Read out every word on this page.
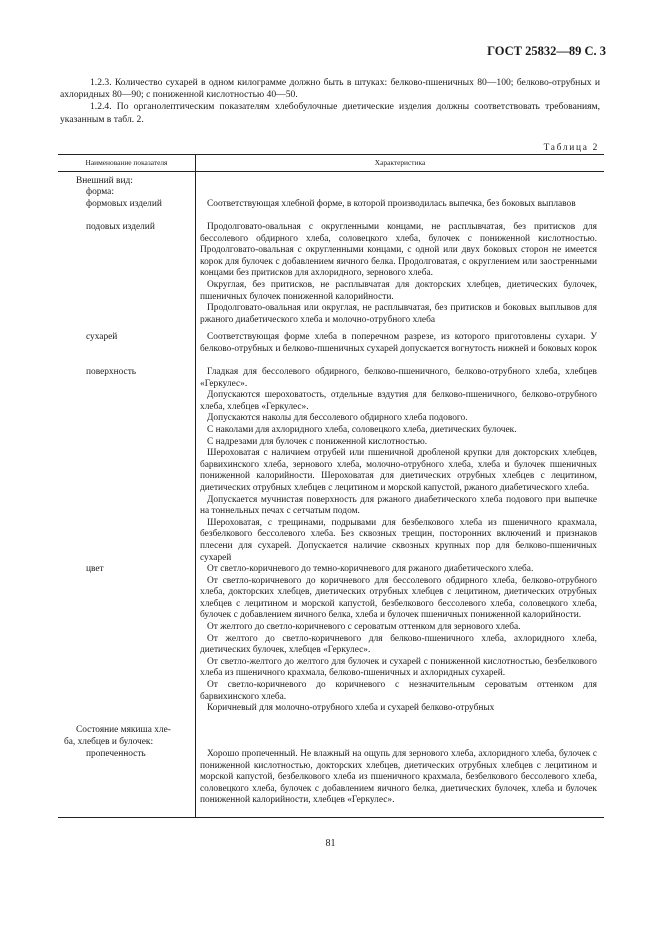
ГОСТ 25832—89 С. 3

1.2.3. Количество сухарей в одном килограмме должно быть в штуках: белково-пшеничных 80—100; белково-отрубных и ахлоридных 80—90; с пониженной кислотностью 40—50.

1.2.4. По органолептическим показателям хлебобулочные диетические изделия должны соответствовать требованиям, указанным в табл. 2.

Таблица 2
Наименование показателя	Характеристика
Внешний вид:
форма:
формовых изделий
подовых изделий
сухарей
поверхность
цвет
Состояние мякиша хле-
ба, хлебцев и булочек:
пропеченность

Соответствующая хлебной форме, в которой производилась выпечка, без боковых выплавов

Продолговато-овальная с округленными концами, не расплывчатая, без притисков для бессолевого обдирного хлеба, соловецкого хлеба, булочек с пониженной кислотностью. Продолговато-овальная с округленными концами, с одной или двух боковых сторон не имеется корок для булочек с добавлением яичного белка. Продолговатая, с округлением или заостренными концами без притисков для ахлоридного, зернового хлеба.

Округлая, без притисков, не расплывчатая для докторских хлебцев, диетических булочек, пшеничных булочек пониженной калорийности.

Продолговато-овальная или округлая, не расплывчатая, без притисков и боковых выплывов для ржаного диабетического хлеба и молочно-отрубного хлеба

Соответствующая форме хлеба в поперечном разрезе, из которого приготовлены сухари. У белково-отрубных и белково-пшеничных сухарей допускается вогнутость нижней и боковых корок

Гладкая для бессолевого обдирного, белково-пшеничного, белково-отрубного хлеба, хлебцев «Геркулес».

Допускаются шероховатость, отдельные вздутия для белково-пшеничного, белково-отрубного хлеба, хлебцев «Геркулес».

Допускаются наколы для бессолевого обдирного хлеба подового.

С наколами для ахлоридного хлеба, соловецкого хлеба, диетических булочек.

С надрезами для булочек с пониженной кислотностью.

Шероховатая с наличием отрубей или пшеничной дробленой крупки для докторских хлебцев, барвихинского хлеба, зернового хлеба, молочно-отрубного хлеба, хлеба и булочек пшеничных пониженной калорийности. Шероховатая для диетических отрубных хлебцев с лецитином, диетических отрубных хлебцев с лецитином и морской капустой, ржаного диабетического хлеба.

Допускается мучнистая поверхность для ржаного диабетического хлеба подового при выпечке на тоннельных печах с сетчатым подом.

Шероховатая, с трещинами, подрывами для безбелкового хлеба из пшеничного крахмала, безбелкового бессолевого хлеба. Без сквозных трещин, посторонних включений и признаков плесени для сухарей. Допускается наличие сквозных крупных пор для белково-пшеничных сухарей

От светло-коричневого до темно-коричневого для ржаного диабетического хлеба.

От светло-коричневого до коричневого для бессолевого обдирного хлеба, белково-отрубного хлеба, докторских хлебцев, диетических отрубных хлебцев с лецитином, диетических отрубных хлебцев с лецитином и морской капустой, безбелкового бессолевого хлеба, соловецкого хлеба, булочек с добавлением яичного белка, хлеба и булочек пшеничных пониженной калорийности.

От желтого до светло-коричневого с сероватым оттенком для зернового хлеба.

От желтого до светло-коричневого для белково-пшеничного хлеба, ахлоридного хлеба, диетических булочек, хлебцев «Геркулес».

От светло-желтого до желтого для булочек и сухарей с пониженной кислотностью, безбелкового хлеба из пшеничного крахмала, белково-пшеничных и ахлоридных сухарей.

От светло-коричневого до коричневого с незначительным сероватым оттенком для барвихинского хлеба.

Коричневый для молочно-отрубного хлеба и сухарей белково-отрубных

Хорошо пропеченный. Не влажный на ощупь для зернового хлеба, ахлоридного хлеба, булочек с пониженной кислотностью, докторских хлебцев, диетических отрубных хлебцев с лецитином и морской капустой, безбелкового хлеба из пшеничного крахмала, безбелкового бессолевого хлеба, соловецкого хлеба, булочек с добавлением яичного белка, диетических булочек, хлеба и булочек пониженной калорийности, хлебцев «Геркулес».

81
